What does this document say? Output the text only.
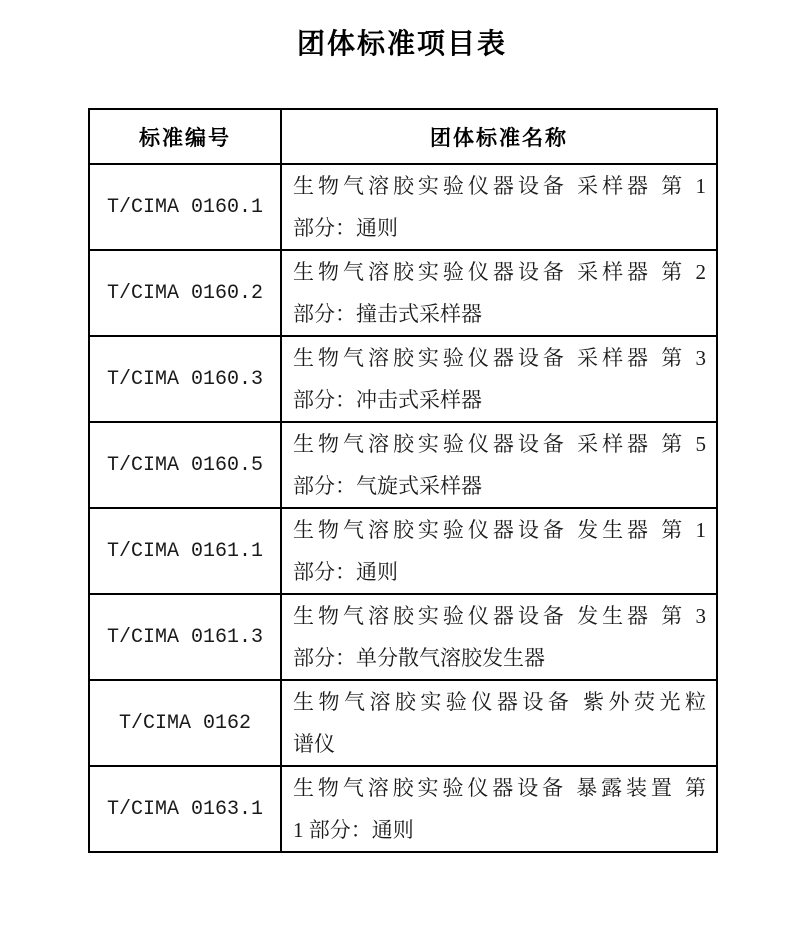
团体标准项目表
标准编号	团体标准名称
T/CIMA 0160.1	生物气溶胶实验仪器设备 采样器 第 1
部分：通则

T/CIMA 0160.2	生物气溶胶实验仪器设备 采样器 第 2
部分：撞击式采样器

T/CIMA 0160.3	生物气溶胶实验仪器设备 采样器 第 3
部分：冲击式采样器

T/CIMA 0160.5	生物气溶胶实验仪器设备 采样器 第 5
部分：气旋式采样器

T/CIMA 0161.1	生物气溶胶实验仪器设备 发生器 第 1
部分：通则

T/CIMA 0161.3	生物气溶胶实验仪器设备 发生器 第 3
部分：单分散气溶胶发生器

T/CIMA 0162	生物气溶胶实验仪器设备 紫外荧光粒
谱仪

T/CIMA 0163.1	生物气溶胶实验仪器设备 暴露装置 第
1 部分：通则
